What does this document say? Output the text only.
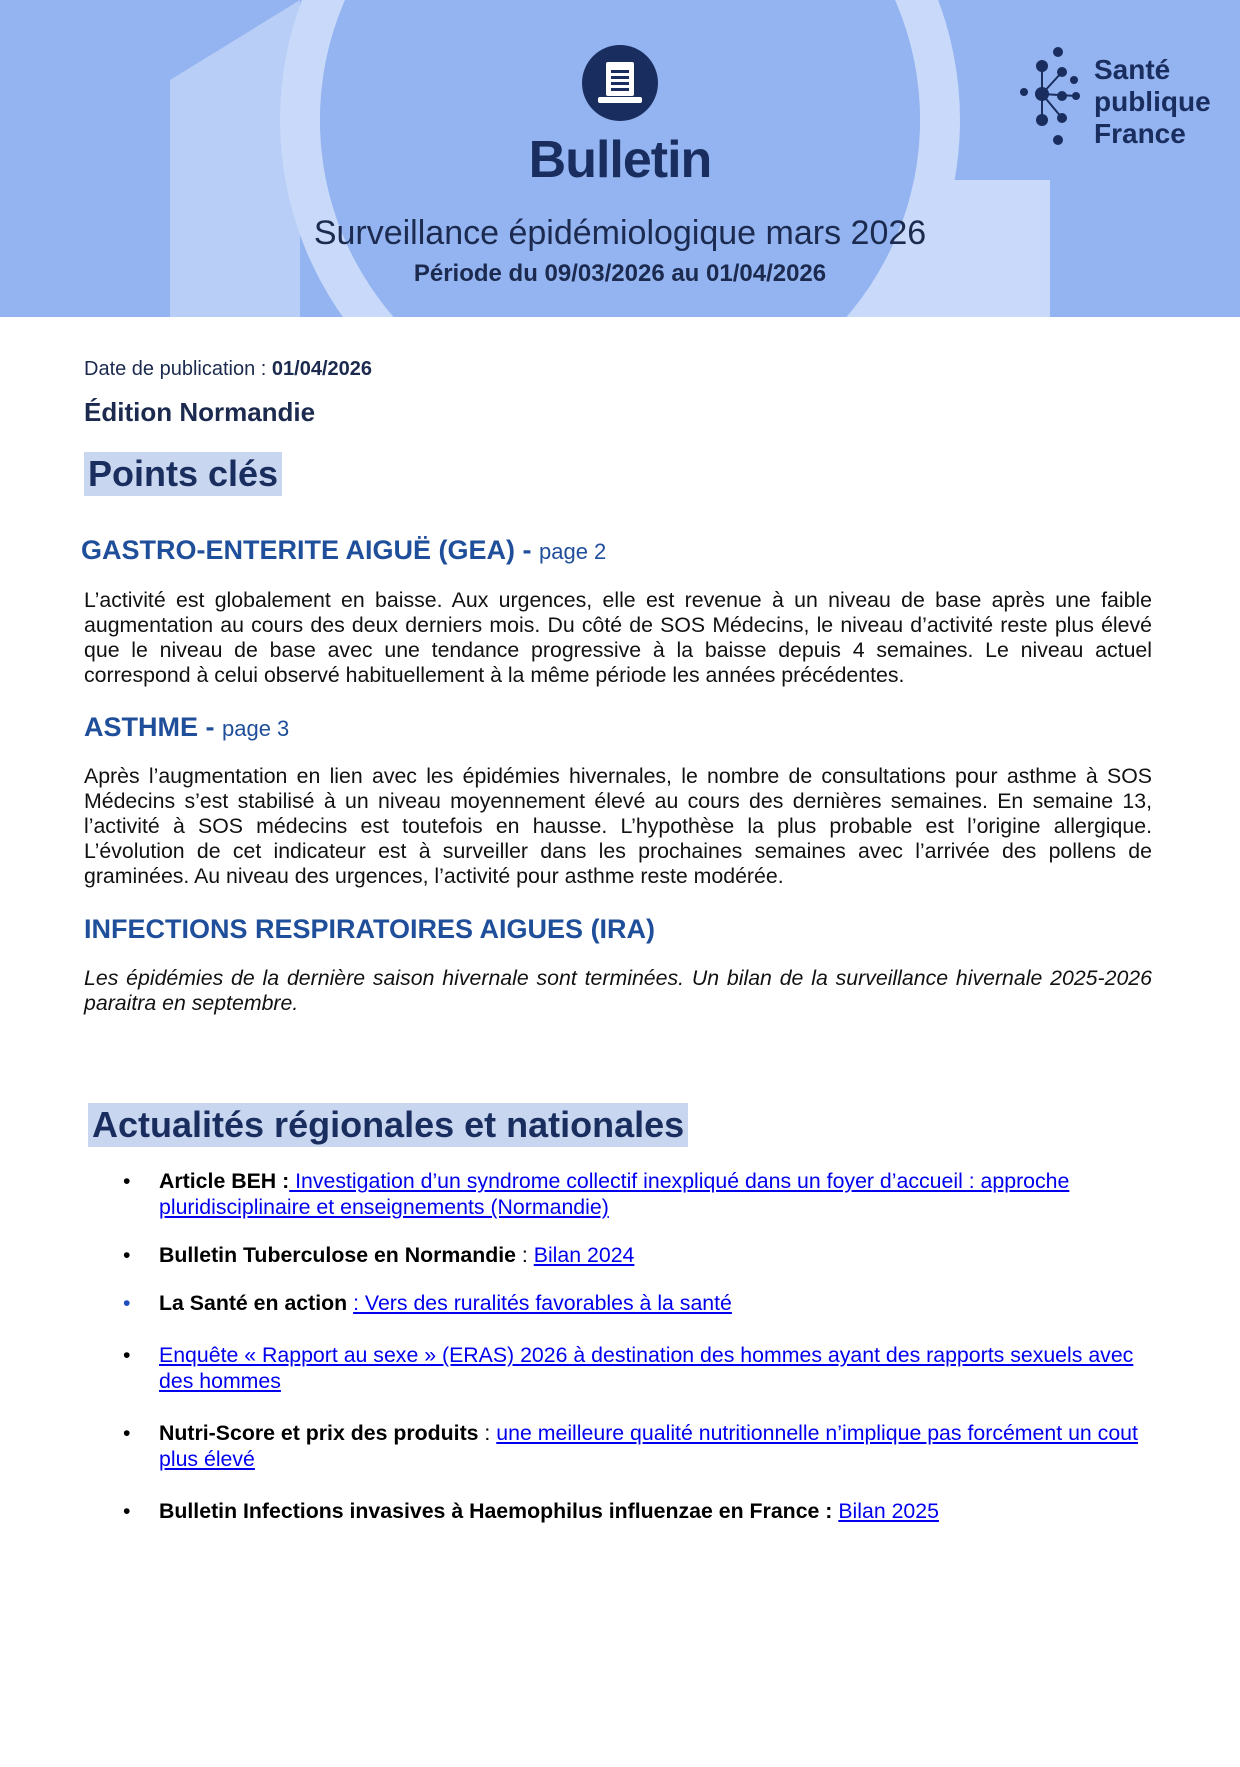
Bulletin
Surveillance épidémiologique mars 2026
Période du 09/03/2026 au 01/04/2026
Santé
publique
France
Date de publication : 01/04/2026
Édition Normandie
Points clés
GASTRO-ENTERITE AIGUË (GEA) - page 2
L’activité est globalement en baisse. Aux urgences, elle est revenue à un niveau de base après une faible augmentation au cours des deux derniers mois. Du côté de SOS Médecins, le niveau d’activité reste plus élevé que le niveau de base avec une tendance progressive à la baisse depuis 4 semaines. Le niveau actuel correspond à celui observé habituellement à la même période les années précédentes.
ASTHME - page 3
Après l’augmentation en lien avec les épidémies hivernales, le nombre de consultations pour asthme à SOS Médecins s’est stabilisé à un niveau moyennement élevé au cours des dernières semaines. En semaine 13, l’activité à SOS médecins est toutefois en hausse. L’hypothèse la plus probable est l’origine allergique. L’évolution de cet indicateur est à surveiller dans les prochaines semaines avec l’arrivée des pollens de graminées. Au niveau des urgences, l’activité pour asthme reste modérée.
INFECTIONS RESPIRATOIRES AIGUES (IRA)
Les épidémies de la dernière saison hivernale sont terminées. Un bilan de la surveillance hivernale 2025-2026 paraitra en septembre.
Actualités régionales et nationales
• Article BEH : Investigation d’un syndrome collectif inexpliqué dans un foyer d’accueil : approche pluridisciplinaire et enseignements (Normandie)
• Bulletin Tuberculose en Normandie : Bilan 2024
• La Santé en action : Vers des ruralités favorables à la santé
• Enquête « Rapport au sexe » (ERAS) 2026 à destination des hommes ayant des rapports sexuels avec des hommes
• Nutri-Score et prix des produits : une meilleure qualité nutritionnelle n’implique pas forcément un cout plus élevé
• Bulletin Infections invasives à Haemophilus influenzae en France : Bilan 2025
